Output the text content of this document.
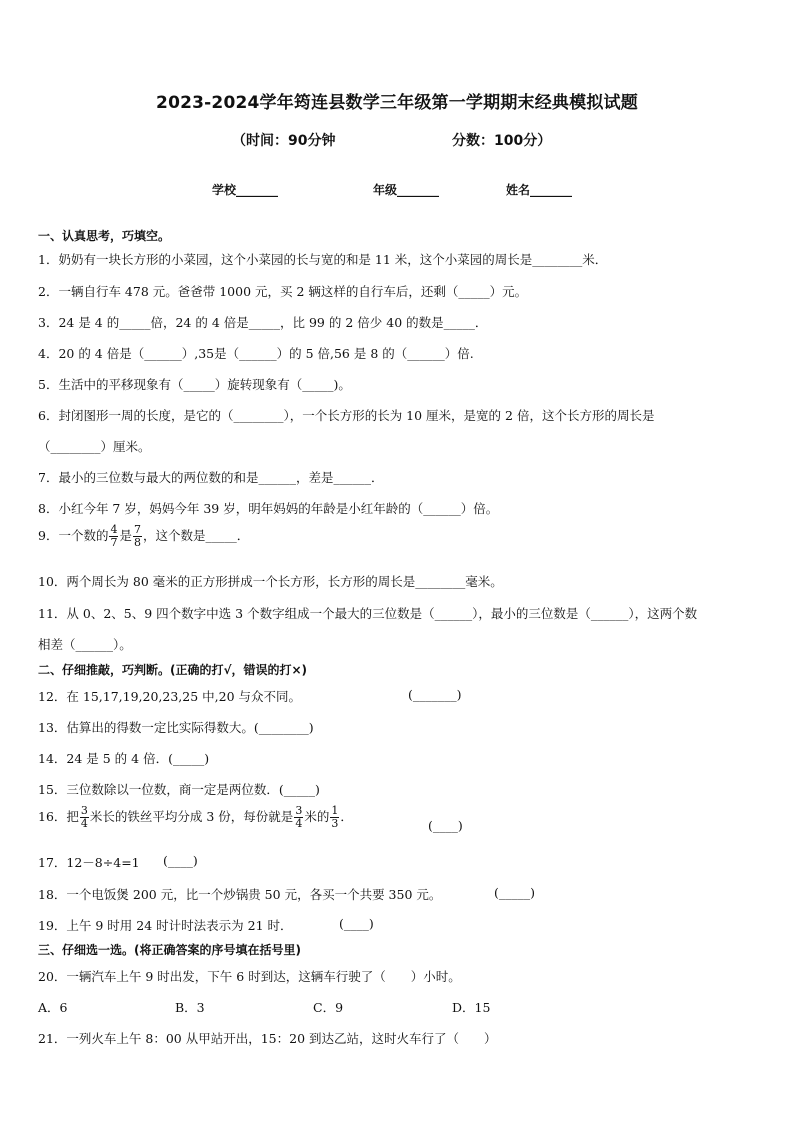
2023-2024学年筠连县数学三年级第一学期期末经典模拟试题
（时间：90分钟	分数：100分）
学校_______	年级_______	姓名_______
一、认真思考，巧填空。
1．奶奶有一块长方形的小菜园，这个小菜园的长与宽的和是 11 米，这个小菜园的周长是________米．
2．一辆自行车 478 元。爸爸带 1000 元，买 2 辆这样的自行车后，还剩（_____）元。
3．24 是 4 的_____倍，24 的 4 倍是_____，比 99 的 2 倍少 40 的数是_____．
4．20 的 4 倍是（______）,35是（______）的 5 倍,56 是 8 的（______）倍.
5．生活中的平移现象有（_____）旋转现象有（_____)。
6．封闭图形一周的长度，是它的（________），一个长方形的长为 10 厘米，是宽的 2 倍，这个长方形的周长是
（________）厘米。
7．最小的三位数与最大的两位数的和是______，差是______．
8．小红今年 7 岁，妈妈今年 39 岁，明年妈妈的年龄是小红年龄的（______）倍。
9．一个数的 $\frac{4}{7}$ 是 $\frac{7}{8}$ ，这个数是_____．
10．两个周长为 80 毫米的正方形拼成一个长方形，长方形的周长是________毫米。
11．从 0、2、5、9 四个数字中选 3 个数字组成一个最大的三位数是（______），最小的三位数是（______），这两个数
相差（______）。
二、仔细推敲，巧判断。(正确的打√，错误的打×)
12．在 15,17,19,20,23,25 中,20 与众不同。	(_______)
13．估算出的得数一定比实际得数大。(________)
14．24 是 5 的 4 倍．(_____)
15．三位数除以一位数，商一定是两位数．(_____)
16．把 $\frac{3}{4}$ 米长的铁丝平均分成 3 份，每份就是 $\frac{3}{4}$ 米的 $\frac{1}{3}$ ．
(____)
17．12－8÷4=1 (____)
18．一个电饭煲 200 元，比一个炒锅贵 50 元，各买一个共要 350 元。	(_____)
19．上午 9 时用 24 时计时法表示为 21 时．	(____)
三、仔细选一选。(将正确答案的序号填在括号里)
20．一辆汽车上午 9 时出发，下午 6 时到达，这辆车行驶了（　　）小时。
A．6	B．3	C．9	D．15
21．一列火车上午 8：00 从甲站开出，15：20 到达乙站，这时火车行了（　　）
